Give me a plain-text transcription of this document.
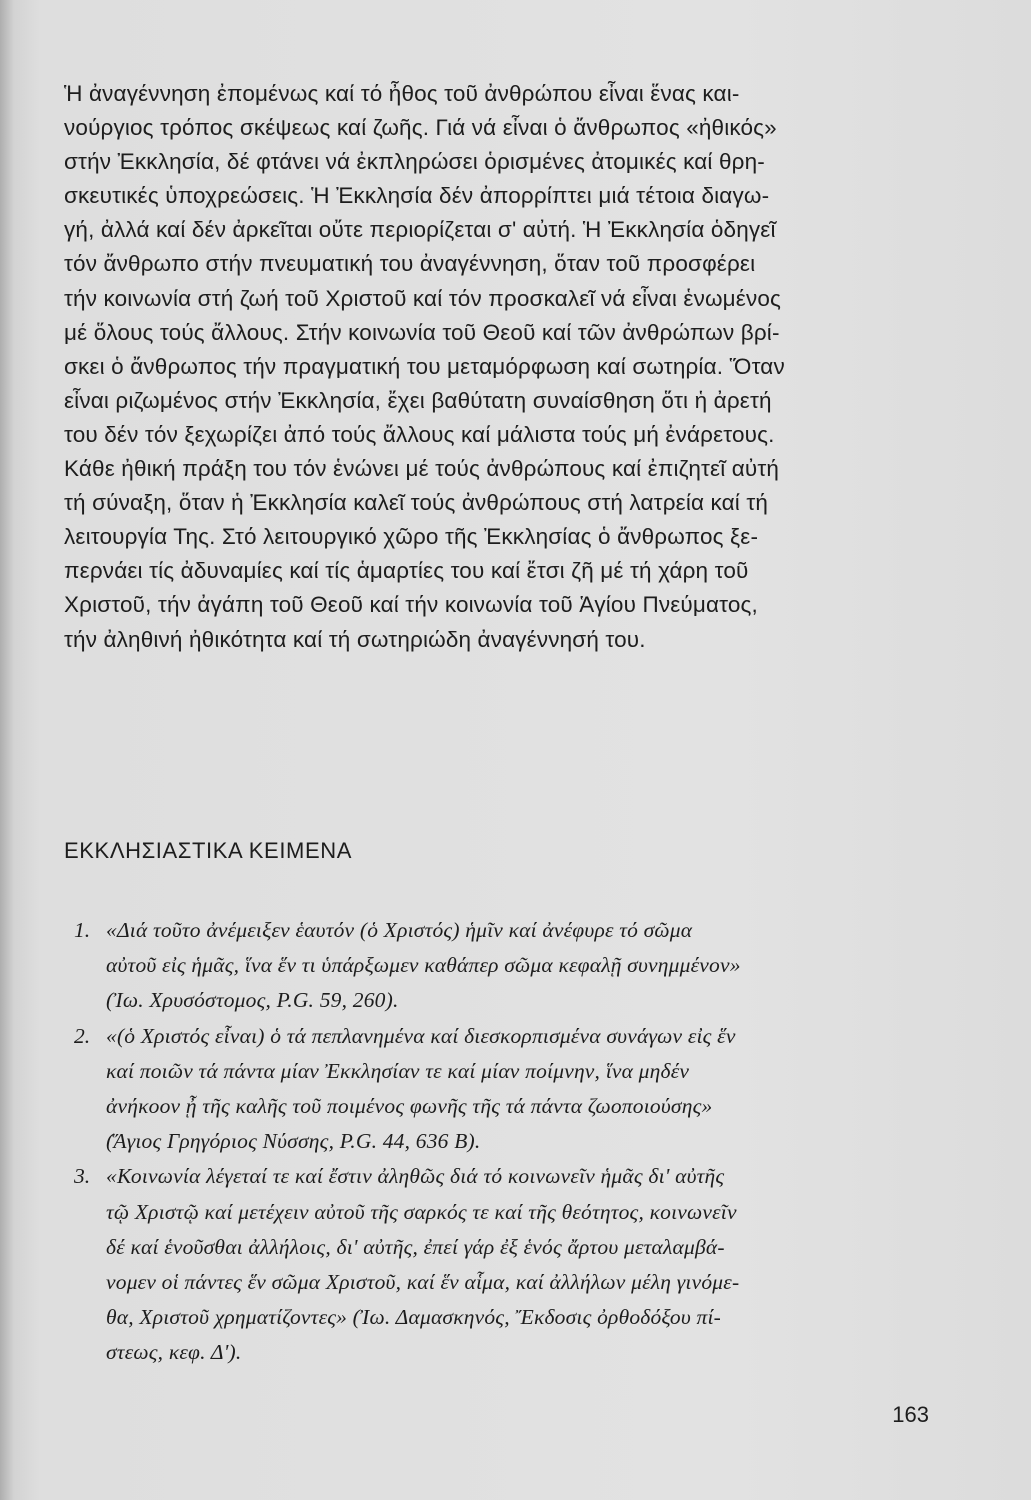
Ἡ ἀναγέννηση ἐπομένως καί τό ἦθος τοῦ ἀνθρώπου εἶναι ἕνας και-
νούργιος τρόπος σκέψεως καί ζωῆς. Γιά νά εἶναι ὁ ἄνθρωπος «ἠθικός»
στήν Ἐκκλησία, δέ φτάνει νά ἐκπληρώσει ὁρισμένες ἀτομικές καί θρη-
σκευτικές ὑποχρεώσεις. Ἡ Ἐκκλησία δέν ἀπορρίπτει μιά τέτοια διαγω-
γή, ἀλλά καί δέν ἀρκεῖται οὔτε περιορίζεται σ' αὐτή. Ἡ Ἐκκλησία ὁδηγεῖ
τόν ἄνθρωπο στήν πνευματική του ἀναγέννηση, ὅταν τοῦ προσφέρει
τήν κοινωνία στή ζωή τοῦ Χριστοῦ καί τόν προσκαλεῖ νά εἶναι ἑνωμένος
μέ ὅλους τούς ἄλλους. Στήν κοινωνία τοῦ Θεοῦ καί τῶν ἀνθρώπων βρί-
σκει ὁ ἄνθρωπος τήν πραγματική του μεταμόρφωση καί σωτηρία. Ὅταν
εἶναι ριζωμένος στήν Ἐκκλησία, ἔχει βαθύτατη συναίσθηση ὅτι ἡ ἀρετή
του δέν τόν ξεχωρίζει ἀπό τούς ἄλλους καί μάλιστα τούς μή ἐνάρετους.
Κάθε ἠθική πράξη του τόν ἑνώνει μέ τούς ἀνθρώπους καί ἐπιζητεῖ αὐτή
τή σύναξη, ὅταν ἡ Ἐκκλησία καλεῖ τούς ἀνθρώπους στή λατρεία καί τή
λειτουργία Της. Στό λειτουργικό χῶρο τῆς Ἐκκλησίας ὁ ἄνθρωπος ξε-
περνάει τίς ἀδυναμίες καί τίς ἁμαρτίες του καί ἔτσι ζῆ μέ τή χάρη τοῦ
Χριστοῦ, τήν ἀγάπη τοῦ Θεοῦ καί τήν κοινωνία τοῦ Ἁγίου Πνεύματος,
τήν ἀληθινή ἠθικότητα καί τή σωτηριώδη ἀναγέννησή του.
ΕΚΚΛΗΣΙΑΣΤΙΚΑ ΚΕΙΜΕΝΑ
1. «Διά τοῦτο ἀνέμειξεν ἑαυτόν (ὁ Χριστός) ἡμῖν καί ἀνέφυρε τό σῶμα
αὐτοῦ εἰς ἡμᾶς, ἵνα ἕν τι ὑπάρξωμεν καθάπερ σῶμα κεφαλῇ συνημμένον»
(Ἰω. Χρυσόστομος, P.G. 59, 260).
2. «(ὁ Χριστός εἶναι) ὁ τά πεπλανημένα καί διεσκορπισμένα συνάγων εἰς ἕν
καί ποιῶν τά πάντα μίαν Ἐκκλησίαν τε καί μίαν ποίμνην, ἵνα μηδέν
ἀνήκοον ᾖ τῆς καλῆς τοῦ ποιμένος φωνῆς τῆς τά πάντα ζωοποιούσης»
(Ἅγιος Γρηγόριος Νύσσης, P.G. 44, 636 B).
3. «Κοινωνία λέγεταί τε καί ἔστιν ἀληθῶς διά τό κοινωνεῖν ἡμᾶς δι' αὐτῆς
τῷ Χριστῷ καί μετέχειν αὐτοῦ τῆς σαρκός τε καί τῆς θεότητος, κοινωνεῖν
δέ καί ἑνοῦσθαι ἀλλήλοις, δι' αὐτῆς, ἐπεί γάρ ἐξ ἑνός ἄρτου μεταλαμβά-
νομεν οἱ πάντες ἕν σῶμα Χριστοῦ, καί ἕν αἷμα, καί ἀλλήλων μέλη γινόμε-
θα, Χριστοῦ χρηματίζοντες» (Ἰω. Δαμασκηνός, Ἔκδοσις ὀρθοδόξου πί-
στεως, κεφ. Δ').
163
